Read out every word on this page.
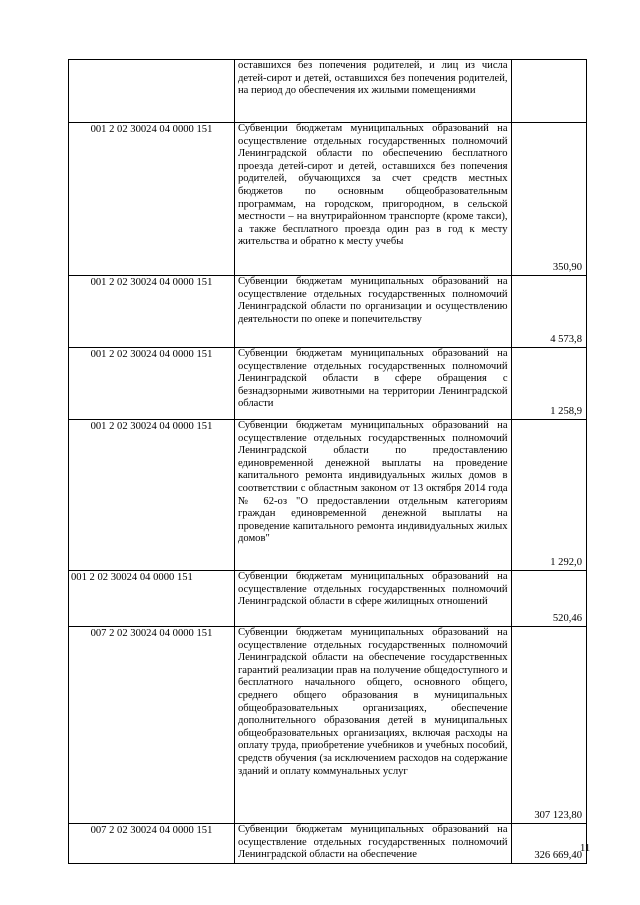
	оставшихся без попечения родителей, и лиц из числа детей-сирот и детей, оставшихся без попечения родителей, на период до обеспечения их жилыми помещениями	
001 2 02 30024 04 0000 151	Субвенции бюджетам муниципальных образований на осуществление отдельных государственных полномочий Ленинградской области по обеспечению бесплатного проезда детей-сирот и детей, оставшихся без попечения родителей, обучающихся за счет средств местных бюджетов по основным общеобразовательным программам, на городском, пригородном, в сельской местности – на внутрирайонном транспорте (кроме такси), а также бесплатного проезда один раз в год к месту жительства и обратно к месту учебы	350,90
001 2 02 30024 04 0000 151	Субвенции бюджетам муниципальных образований на осуществление отдельных государственных полномочий Ленинградской области по организации и осуществлению деятельности по опеке и попечительству	4 573,8
001 2 02 30024 04 0000 151	Субвенции бюджетам муниципальных образований на осуществление отдельных государственных полномочий Ленинградской области в сфере обращения с безнадзорными животными на территории Ленинградской области	1 258,9
001 2 02 30024 04 0000 151	Субвенции бюджетам муниципальных образований на осуществление отдельных государственных полномочий Ленинградской области по предоставлению единовременной денежной выплаты на проведение капитального ремонта индивидуальных жилых домов в соответствии с областным законом от 13 октября 2014 года № 62-оз "О предоставлении отдельным категориям граждан единовременной денежной выплаты на проведение капитального ремонта индивидуальных жилых домов"	1 292,0
001 2 02 30024 04 0000 151	Субвенции бюджетам муниципальных образований на осуществление отдельных государственных полномочий Ленинградской области в сфере жилищных отношений	520,46
007 2 02 30024 04 0000 151	Субвенции бюджетам муниципальных образований на осуществление отдельных государственных полномочий Ленинградской области на обеспечение государственных гарантий реализации прав на получение общедоступного и бесплатного начального общего, основного общего, среднего общего образования в муниципальных общеобразовательных организациях, обеспечение дополнительного образования детей в муниципальных общеобразовательных организациях, включая расходы на оплату труда, приобретение учебников и учебных пособий, средств обучения (за исключением расходов на содержание зданий и оплату коммунальных услуг	307 123,80
007 2 02 30024 04 0000 151	Субвенции бюджетам муниципальных образований на осуществление отдельных государственных полномочий Ленинградской области на обеспечение	326 669,40
11
